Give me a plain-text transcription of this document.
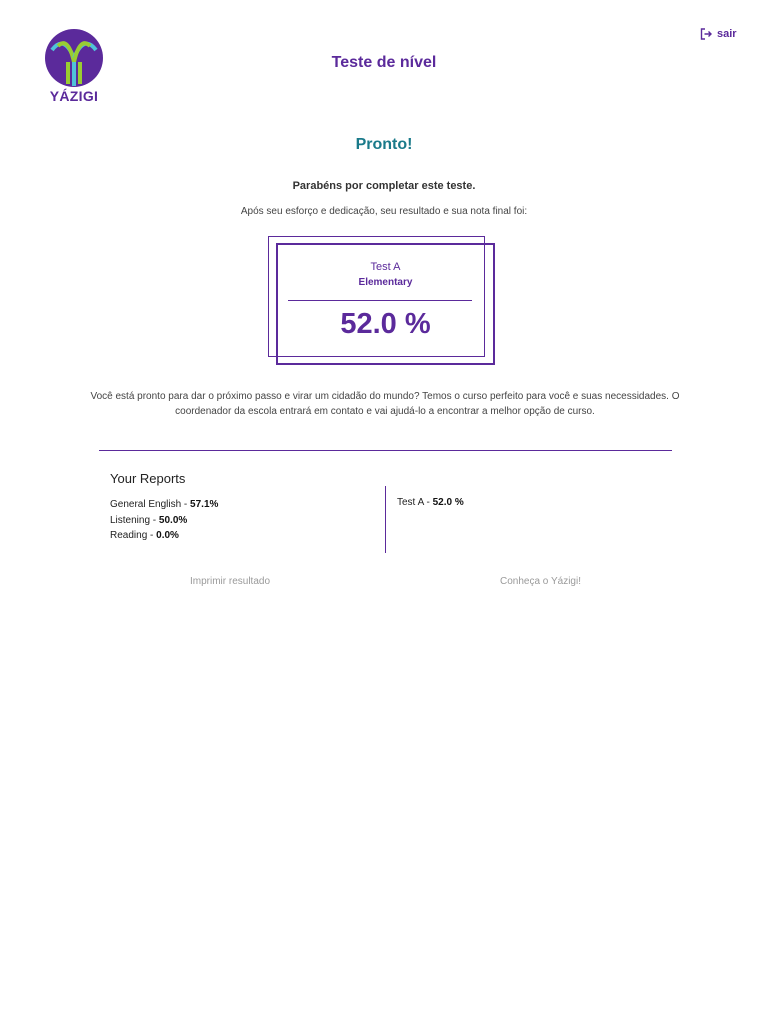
YÁZIGI
sair
Teste de nível
Pronto!
Parabéns por completar este teste.
Após seu esforço e dedicação, seu resultado e sua nota final foi:
Test A
Elementary
52.0 %
Você está pronto para dar o próximo passo e virar um cidadão do mundo? Temos o curso perfeito para você e suas necessidades. O coordenador da escola entrará em contato e vai ajudá-lo a encontrar a melhor opção de curso.
Your Reports
General English - 57.1%
Listening - 50.0%
Reading - 0.0%
Test A - 52.0 %
Imprimir resultado	Conheça o Yázigi!
